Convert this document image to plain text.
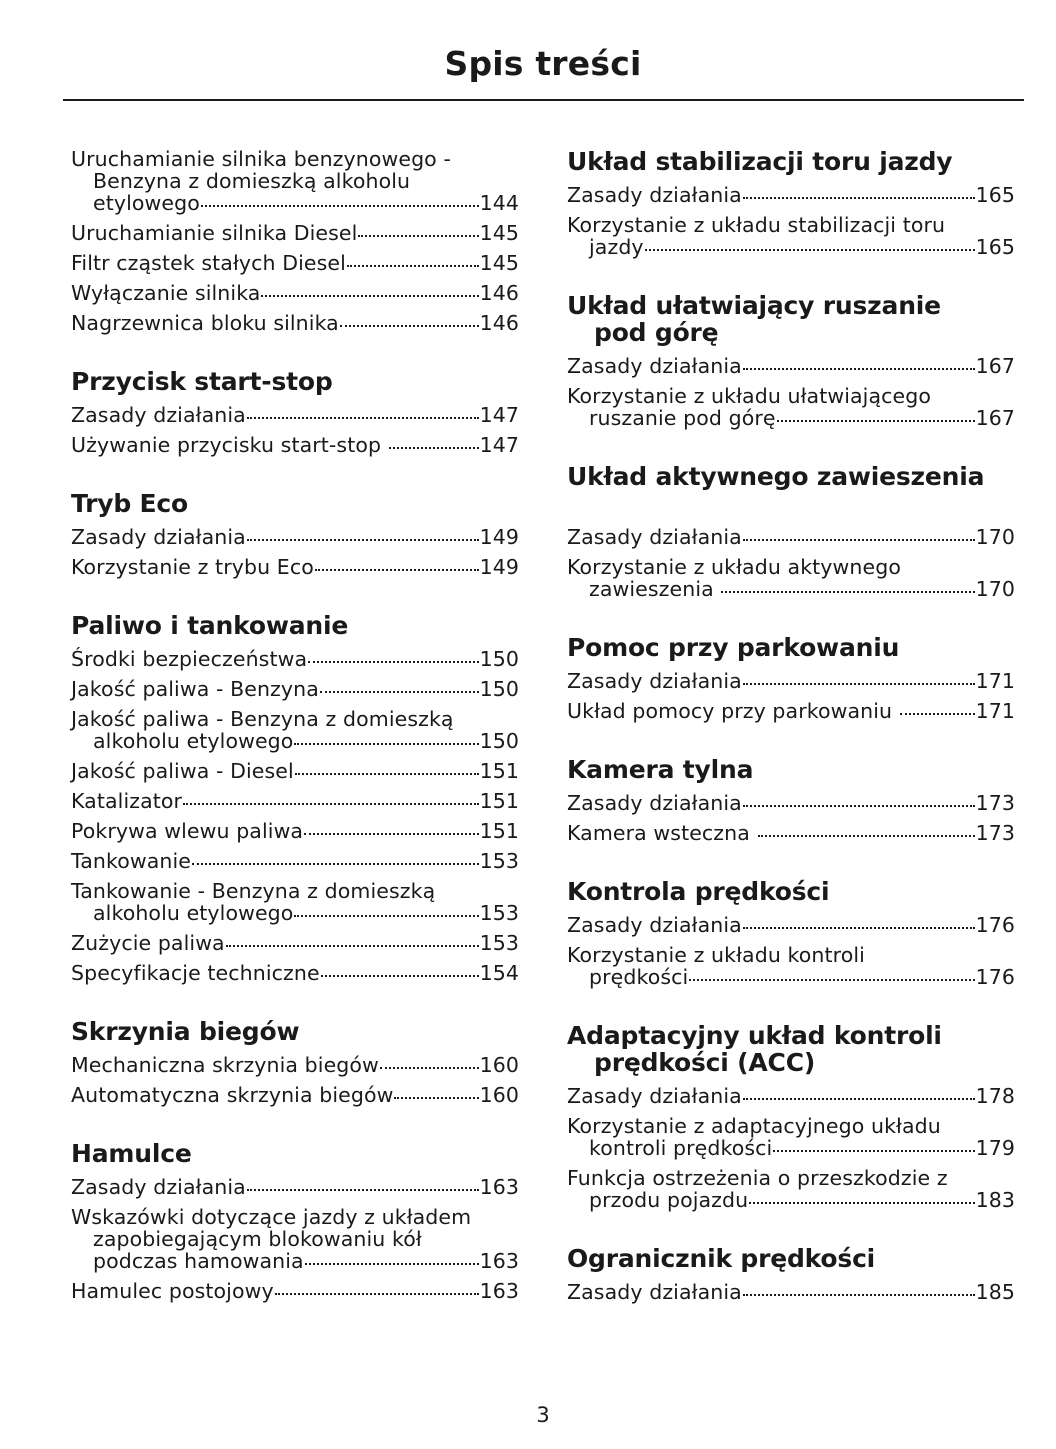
Spis treści
Uruchamianie silnika benzynowego -
Benzyna z domieszką alkoholu
etylowego	144
Uruchamianie silnika Diesel	145
Filtr cząstek stałych Diesel	145
Wyłączanie silnika	146
Nagrzewnica bloku silnika	146
Przycisk start-stop
Zasady działania	147
Używanie przycisku start-stop	147
Tryb Eco
Zasady działania	149
Korzystanie z trybu Eco	149
Paliwo i tankowanie
Środki bezpieczeństwa	150
Jakość paliwa - Benzyna	150
Jakość paliwa - Benzyna z domieszką
alkoholu etylowego	150
Jakość paliwa - Diesel	151
Katalizator	151
Pokrywa wlewu paliwa	151
Tankowanie	153
Tankowanie - Benzyna z domieszką
alkoholu etylowego	153
Zużycie paliwa	153
Specyfikacje techniczne	154
Skrzynia biegów
Mechaniczna skrzynia biegów	160
Automatyczna skrzynia biegów	160
Hamulce
Zasady działania	163
Wskazówki dotyczące jazdy z układem
zapobiegającym blokowaniu kół
podczas hamowania	163
Hamulec postojowy	163
Układ stabilizacji toru jazdy
Zasady działania	165
Korzystanie z układu stabilizacji toru
jazdy	165
Układ ułatwiający ruszanie
pod górę
Zasady działania	167
Korzystanie z układu ułatwiającego
ruszanie pod górę	167
Układ aktywnego zawieszenia
Zasady działania	170
Korzystanie z układu aktywnego
zawieszenia	170
Pomoc przy parkowaniu
Zasady działania	171
Układ pomocy przy parkowaniu	171
Kamera tylna
Zasady działania	173
Kamera wsteczna	173
Kontrola prędkości
Zasady działania	176
Korzystanie z układu kontroli
prędkości	176
Adaptacyjny układ kontroli
prędkości (ACC)
Zasady działania	178
Korzystanie z adaptacyjnego układu
kontroli prędkości	179
Funkcja ostrzeżenia o przeszkodzie z
przodu pojazdu	183
Ogranicznik prędkości
Zasady działania	185
3
